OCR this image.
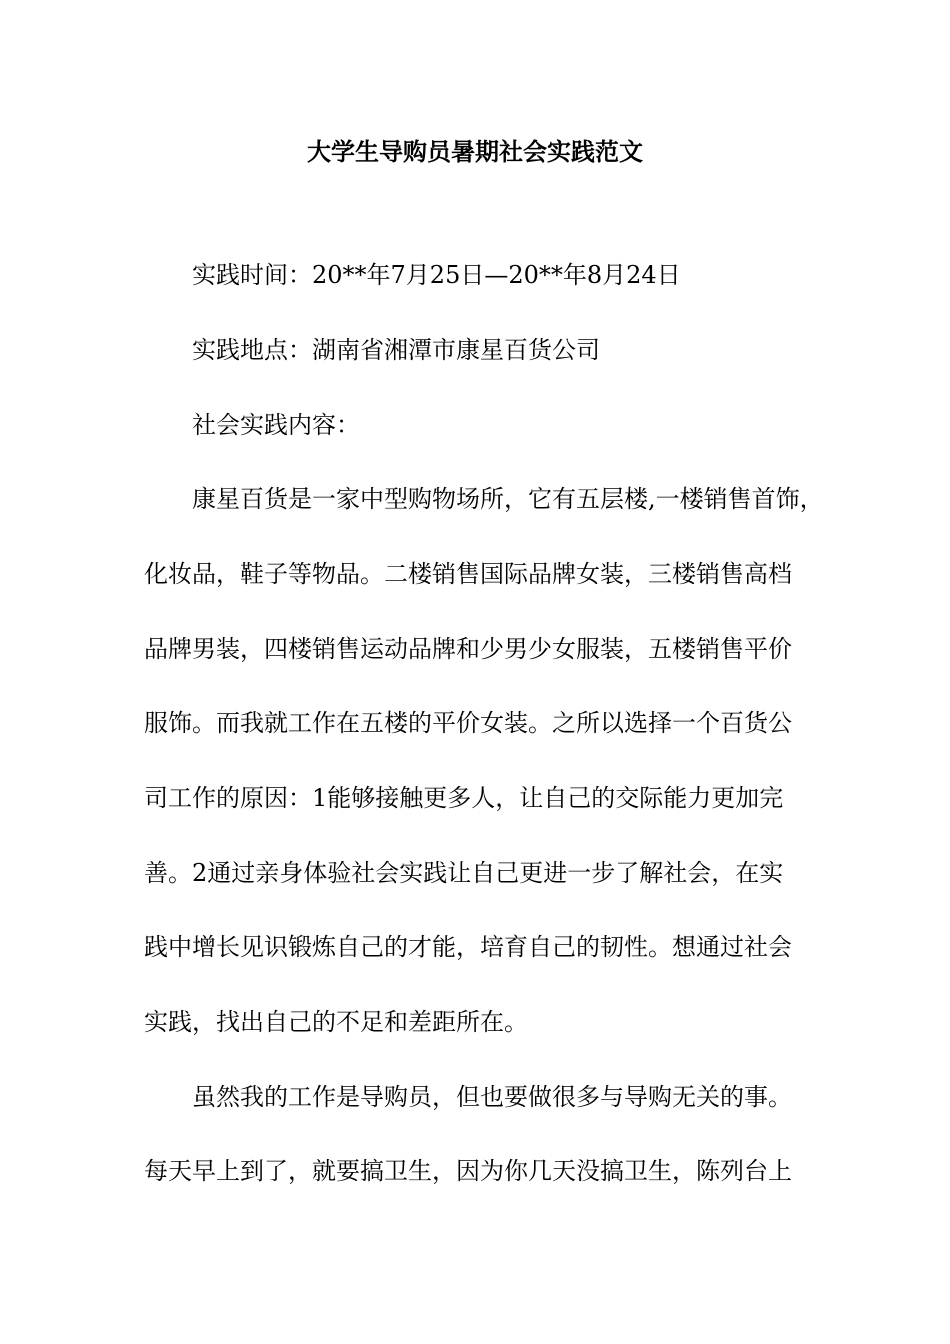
大学生导购员暑期社会实践范文
实践时间：20**年7月25日—20**年8月24日
实践地点：湖南省湘潭市康星百货公司
社会实践内容：
康星百货是一家中型购物场所，它有五层楼,一楼销售首饰，
化妆品，鞋子等物品。二楼销售国际品牌女装，三楼销售高档
品牌男装，四楼销售运动品牌和少男少女服装，五楼销售平价
服饰。而我就工作在五楼的平价女装。之所以选择一个百货公
司工作的原因：1能够接触更多人，让自己的交际能力更加完
善。2通过亲身体验社会实践让自己更进一步了解社会，在实
践中增长见识锻炼自己的才能，培育自己的韧性。想通过社会
实践，找出自己的不足和差距所在。
虽然我的工作是导购员，但也要做很多与导购无关的事。
每天早上到了，就要搞卫生，因为你几天没搞卫生，陈列台上
